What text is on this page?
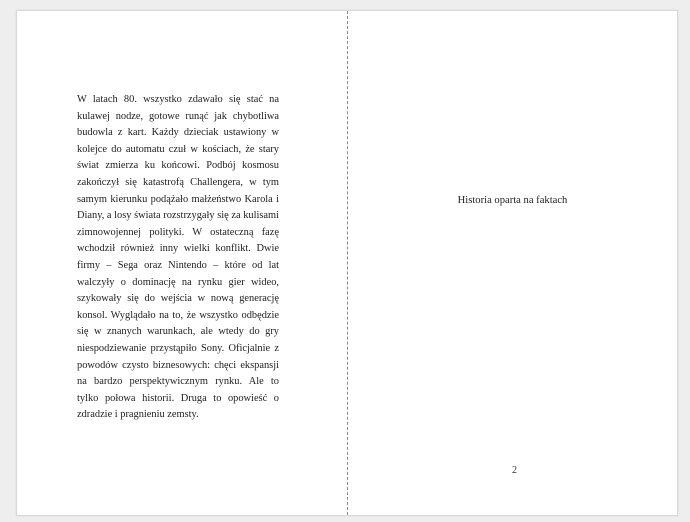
W latach 80. wszystko zdawało się stać na kulawej nodze, gotowe runąć jak chybotliwa budowla z kart. Każdy dzieciak ustawiony w kolejce do automatu czuł w kościach, że stary świat zmierza ku końcowi. Podbój kosmosu zakończył się katastrofą Challengera, w tym samym kierunku podążało małżeństwo Karola i Diany, a losy świata rozstrzygały się za kulisami zimnowojennej polityki. W ostateczną fazę wchodził również inny wielki konflikt. Dwie firmy – Sega oraz Nintendo – które od lat walczyły o dominację na rynku gier wideo, szykowały się do wejścia w nową generację konsol. Wyglądało na to, że wszystko odbędzie się w znanych warunkach, ale wtedy do gry niespodziewanie przystąpiło Sony. Oficjalnie z powodów czysto biznesowych: chęci ekspansji na bardzo perspektywicznym rynku. Ale to tylko połowa historii. Druga to opowieść o zdradzie i pragnieniu zemsty.

Historia oparta na faktach

2
